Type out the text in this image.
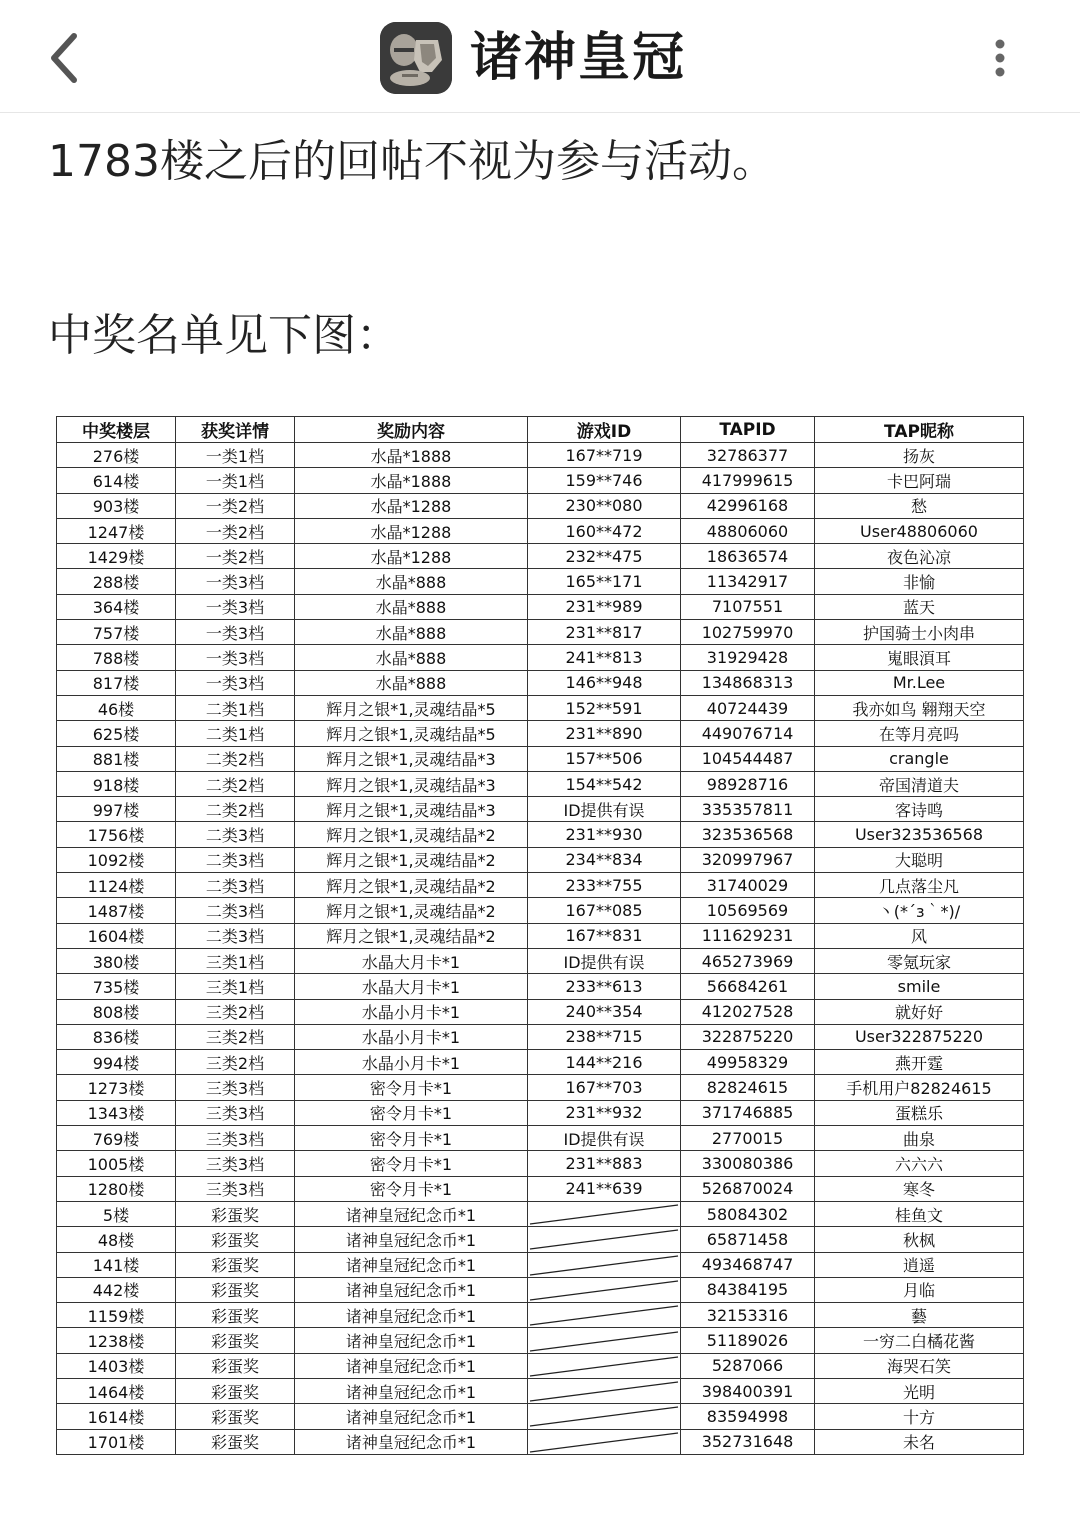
诸神皇冠
1783楼之后的回帖不视为参与活动。
中奖名单见下图：
中奖楼层	获奖详情	奖励内容	游戏ID	TAPID	TAP昵称
276楼	一类1档	水晶*1888	167**719	32786377	扬灰
614楼	一类1档	水晶*1888	159**746	417999615	卡巴阿瑞
903楼	一类2档	水晶*1288	230**080	42996168	愁
1247楼	一类2档	水晶*1288	160**472	48806060	User48806060
1429楼	一类2档	水晶*1288	232**475	18636574	夜色沁凉
288楼	一类3档	水晶*888	165**171	11342917	非愉
364楼	一类3档	水晶*888	231**989	7107551	蓝天
757楼	一类3档	水晶*888	231**817	102759970	护国骑士小肉串
788楼	一类3档	水晶*888	241**813	31929428	嵬眼湏耳
817楼	一类3档	水晶*888	146**948	134868313	Mr.Lee
46楼	二类1档	辉月之银*1,灵魂结晶*5	152**591	40724439	我亦如鸟 翱翔天空
625楼	二类1档	辉月之银*1,灵魂结晶*5	231**890	449076714	在等月亮吗
881楼	二类2档	辉月之银*1,灵魂结晶*3	157**506	104544487	crangle
918楼	二类2档	辉月之银*1,灵魂结晶*3	154**542	98928716	帝国清道夫
997楼	二类2档	辉月之银*1,灵魂结晶*3	ID提供有误	335357811	客诗鸣
1756楼	二类3档	辉月之银*1,灵魂结晶*2	231**930	323536568	User323536568
1092楼	二类3档	辉月之银*1,灵魂结晶*2	234**834	320997967	大聪明
1124楼	二类3档	辉月之银*1,灵魂结晶*2	233**755	31740029	几点落尘凡
1487楼	二类3档	辉月之银*1,灵魂结晶*2	167**085	10569569	丶(*´з｀*)/
1604楼	二类3档	辉月之银*1,灵魂结晶*2	167**831	111629231	风
380楼	三类1档	水晶大月卡*1	ID提供有误	465273969	零氪玩家
735楼	三类1档	水晶大月卡*1	233**613	56684261	smile
808楼	三类2档	水晶小月卡*1	240**354	412027528	就好好
836楼	三类2档	水晶小月卡*1	238**715	322875220	User322875220
994楼	三类2档	水晶小月卡*1	144**216	49958329	燕开霆
1273楼	三类3档	密令月卡*1	167**703	82824615	手机用户82824615
1343楼	三类3档	密令月卡*1	231**932	371746885	蛋糕乐
769楼	三类3档	密令月卡*1	ID提供有误	2770015	曲泉
1005楼	三类3档	密令月卡*1	231**883	330080386	六六六
1280楼	三类3档	密令月卡*1	241**639	526870024	寒冬
5楼	彩蛋奖	诸神皇冠纪念币*1		58084302	桂鱼文
48楼	彩蛋奖	诸神皇冠纪念币*1		65871458	秋枫
141楼	彩蛋奖	诸神皇冠纪念币*1		493468747	逍遥
442楼	彩蛋奖	诸神皇冠纪念币*1		84384195	月临
1159楼	彩蛋奖	诸神皇冠纪念币*1		32153316	藝
1238楼	彩蛋奖	诸神皇冠纪念币*1		51189026	一穷二白橘花酱
1403楼	彩蛋奖	诸神皇冠纪念币*1		5287066	海哭石笑
1464楼	彩蛋奖	诸神皇冠纪念币*1		398400391	光明
1614楼	彩蛋奖	诸神皇冠纪念币*1		83594998	十方
1701楼	彩蛋奖	诸神皇冠纪念币*1		352731648	未名
